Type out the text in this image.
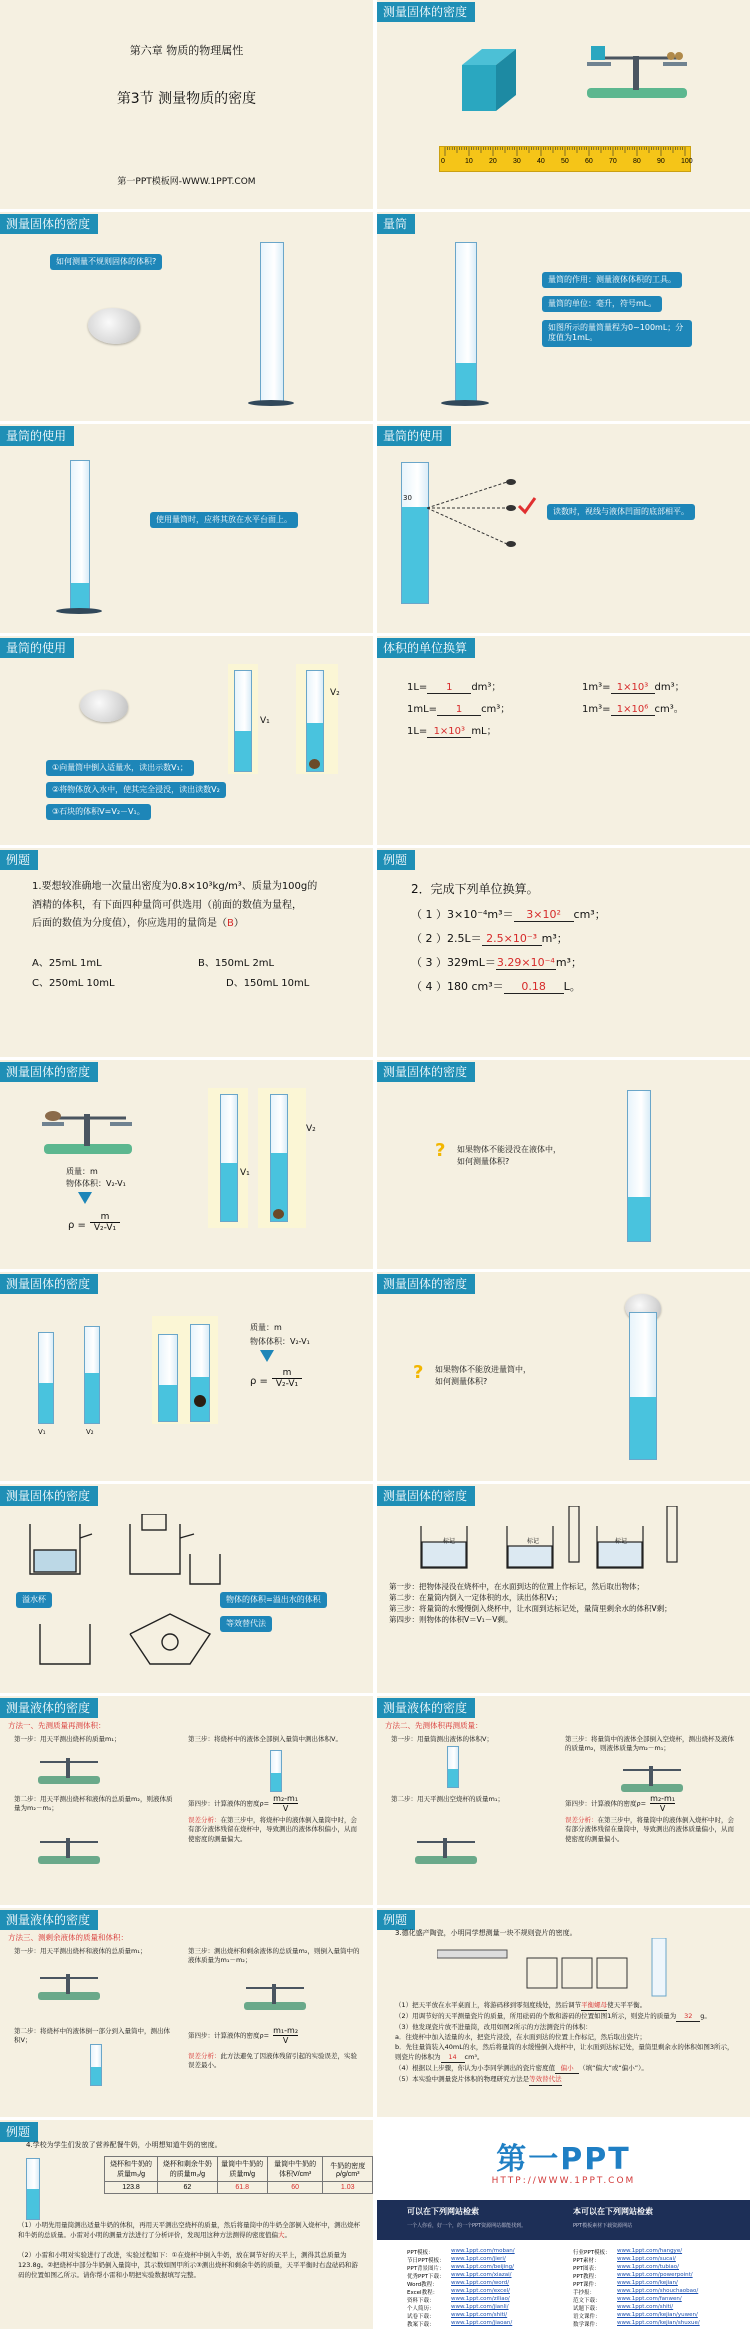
第六章 物质的物理属性
第3节 测量物质的密度
第一PPT模板网-WWW.1PPT.COM
测量固体的密度
0	10 20 30 40 50 60 70 80 90 100
测量固体的密度
如何测量不规则固体的体积?
量筒
量筒的作用：测量液体体积的工具。
量筒的单位：毫升，符号mL。
如图所示的量筒量程为0~100mL；分度值为1mL。
量筒的使用
使用量筒时，应将其放在水平台面上。
量筒的使用
30
读数时，视线与液体凹面的底部相平。
量筒的使用
V₁
V₂
①向量筒中倒入适量水，读出示数V₁；
②将物体放入水中，使其完全浸没，读出读数V₂
③石块的体积V=V₂－V₁。
体积的单位换算
1L= 1 dm³；	1m³= 1×10³ dm³；
1mL= 1 cm³；	1m³= 1×10⁶ cm³。
1L= 1×10³ mL；
例题
1.要想较准确地一次量出密度为0.8×10³kg/m³、质量为100g的
酒精的体积，有下面四种量筒可供选用（前面的数值为量程，
后面的数值为分度值），你应选用的量筒是（B）
A、25mL 1mL	B、150mL 2mL
C、250mL 10mL	D、150mL 10mL
例题
2．完成下列单位换算。
（ 1 ）3×10⁻⁴m³＝ 3×10² cm³；
（ 2 ）2.5L＝ 2.5×10⁻³ m³；
（ 3 ）329mL＝3.29×10⁻⁴m³；
（ 4 ）180 cm³＝ 0.18 L。
测量固体的密度
质量：m
物体体积：V₂-V₁
ρ =
m
V₂-V₁
V₁
V₂
测量固体的密度
? 如果物体不能浸没在液体中，
如何测量体积?
测量固体的密度
V₁	V₂
质量：m
物体体积：V₂-V₁
ρ =
m
V₂-V₁
测量固体的密度
? 如果物体不能放进量筒中，
如何测量体积?
测量固体的密度
溢水杯	物体的体积=溢出水的体积
等效替代法
测量固体的密度
标记	标记	标记
第一步：把物体浸没在烧杯中，在水面到达的位置上作标记，然后取出物体；
第二步：在量筒内倒入一定体积的水，读出体积V₁；
第三步：将量筒的水慢慢倒入烧杯中，让水面到达标记处，量筒里剩余水的体积V剩；
第四步：则物体的体积V＝V₁－V剩。
测量液体的密度
方法一、先测质量再测体积：
第一步：用天平测出烧杯的质量m₁；
第二步：用天平测出烧杯和液体的总质量m₂，则液体质量为m₂－m₁；
第三步：将烧杯中的液体全部倒入量筒中测出体积V。
第四步：计算液体的密度$\rho= \frac{\text{m₂-m₁}}{V}$
误差分析：在第三步中，将烧杯中的液体倒入量筒中时，会有部分液体残留在烧杯中，导致测出的液体体积偏小，从而使密度的测量偏大。
测量液体的密度
方法二、先测体积再测质量：
第一步：用量筒测出液体的体积V；
第二步：用天平测出空烧杯的质量m₁；
第三步：将量筒中的液体全部倒入空烧杯，测出烧杯及液体的质量m₂，则液体质量为m₂－m₁；
第四步：计算液体的密度$\rho= \frac{\text{m₂-m₁}}{V}$
误差分析：在第三步中，将量筒中的液体倒入烧杯中时，会有部分液体残留在量筒中，导致测出的液体质量偏小，从而使密度的测量偏小。
测量液体的密度
方法三、测剩余液体的质量和体积：
第一步：用天平测出烧杯和液体的总质量m₁；
第二步：将烧杯中的液体倒一部分到入量筒中，测出体积V；
第三步：测出烧杯和剩余液体的总质量m₂，则倒入量筒中的液体质量为m₁－m₂；
第四步：计算液体的密度$\rho= \frac{\text{m₁-m₂}}{V}$
误差分析：此方法避免了因液体残留引起的实验误差，实验误差最小。
例题
3.德化盛产陶瓷，小明同学想测量一块不规则瓷片的密度。
（1）把天平放在水平桌面上，将游码移到零刻度线处，然后调节平衡螺母使天平平衡。
（2）用调节好的天平测量瓷片的质量，所用砝码的个数和游码的位置如图1所示，则瓷片的质量为 32 g。
（3）他发现瓷片放不进量筒，改用如图2所示的方法测瓷片的体积：
a．往烧杯中加入适量的水，把瓷片浸没，在水面到达的位置上作标记，然后取出瓷片；
b．先往量筒装入40mL的水，然后将量筒的水缓慢倒入烧杯中，让水面到达标记处，量筒里剩余水的体积如图3所示，则瓷片的体积为 14 cm³。
（4）根据以上步骤，你认为小李同学测出的瓷片密度值 偏小 （填“偏大”或“偏小”）。
（5）本实验中测量瓷片体积的物理研究方法是等效替代法
例题
4.学校为学生们发放了营养配餐牛奶，小明想知道牛奶的密度。
烧杯和牛奶的质量m₁/g	烧杯和剩余牛奶的质量m₂/g	量筒中牛奶的质量m/g	量筒中牛奶的体积V/cm³	牛奶的密度ρ/g/cm³
123.8	62	61.8	60	1.03
（1）小明先用量筒测出适量牛奶的体积，再用天平测出空烧杯的质量，然后将量筒中的牛奶全部倒入烧杯中，测出烧杯和牛奶的总质量。小雷对小明的测量方法进行了分析评价，发现用这种方法测得的密度值偏大。
（2）小雷和小明对实验进行了改进，实验过程如下：①在烧杯中倒入牛奶，放在调节好的天平上，测得其总质量为123.8g。②把烧杯中部分牛奶倒入量筒中，其示数如图甲所示③测出烧杯和剩余牛奶的质量，天平平衡时右盘砝码和游码的位置如图乙所示。请你帮小雷和小明把实验数据填写完整。
第一PPT
HTTP://WWW.1PPT.COM
可以在下列网站检索
一个人你看，好一个，的一个PPT资源网站都能找到。
本可以在下列网站检索
PPT模板素材下载资源网站
PPT模板：	www.1ppt.com/moban/	行业PPT模板： www.1ppt.com/hangye/
节日PPT模板： www.1ppt.com/jieri/	PPT素材：	www.1ppt.com/sucai/
PPT背景图片： www.1ppt.com/beijing/	PPT图表：	www.1ppt.com/tubiao/
优秀PPT下载： www.1ppt.com/xiazai/	PPT教程：	www.1ppt.com/powerpoint/
Word教程： www.1ppt.com/word/	PPT课件：	www.1ppt.com/kejian/
Excel教程： www.1ppt.com/excel/	手抄报：	www.1ppt.com/shouchaobao/
资料下载：	www.1ppt.com/ziliao/	范文下载：	www.1ppt.com/fanwen/
个人简历：	www.1ppt.com/jianli/	试题下载：	www.1ppt.com/shiti/
试卷下载：	www.1ppt.com/shiti/	语文课件：	www.1ppt.com/kejian/yuwen/
教案下载：	www.1ppt.com/jiaoan/	数学课件：	www.1ppt.com/kejian/shuxue/
